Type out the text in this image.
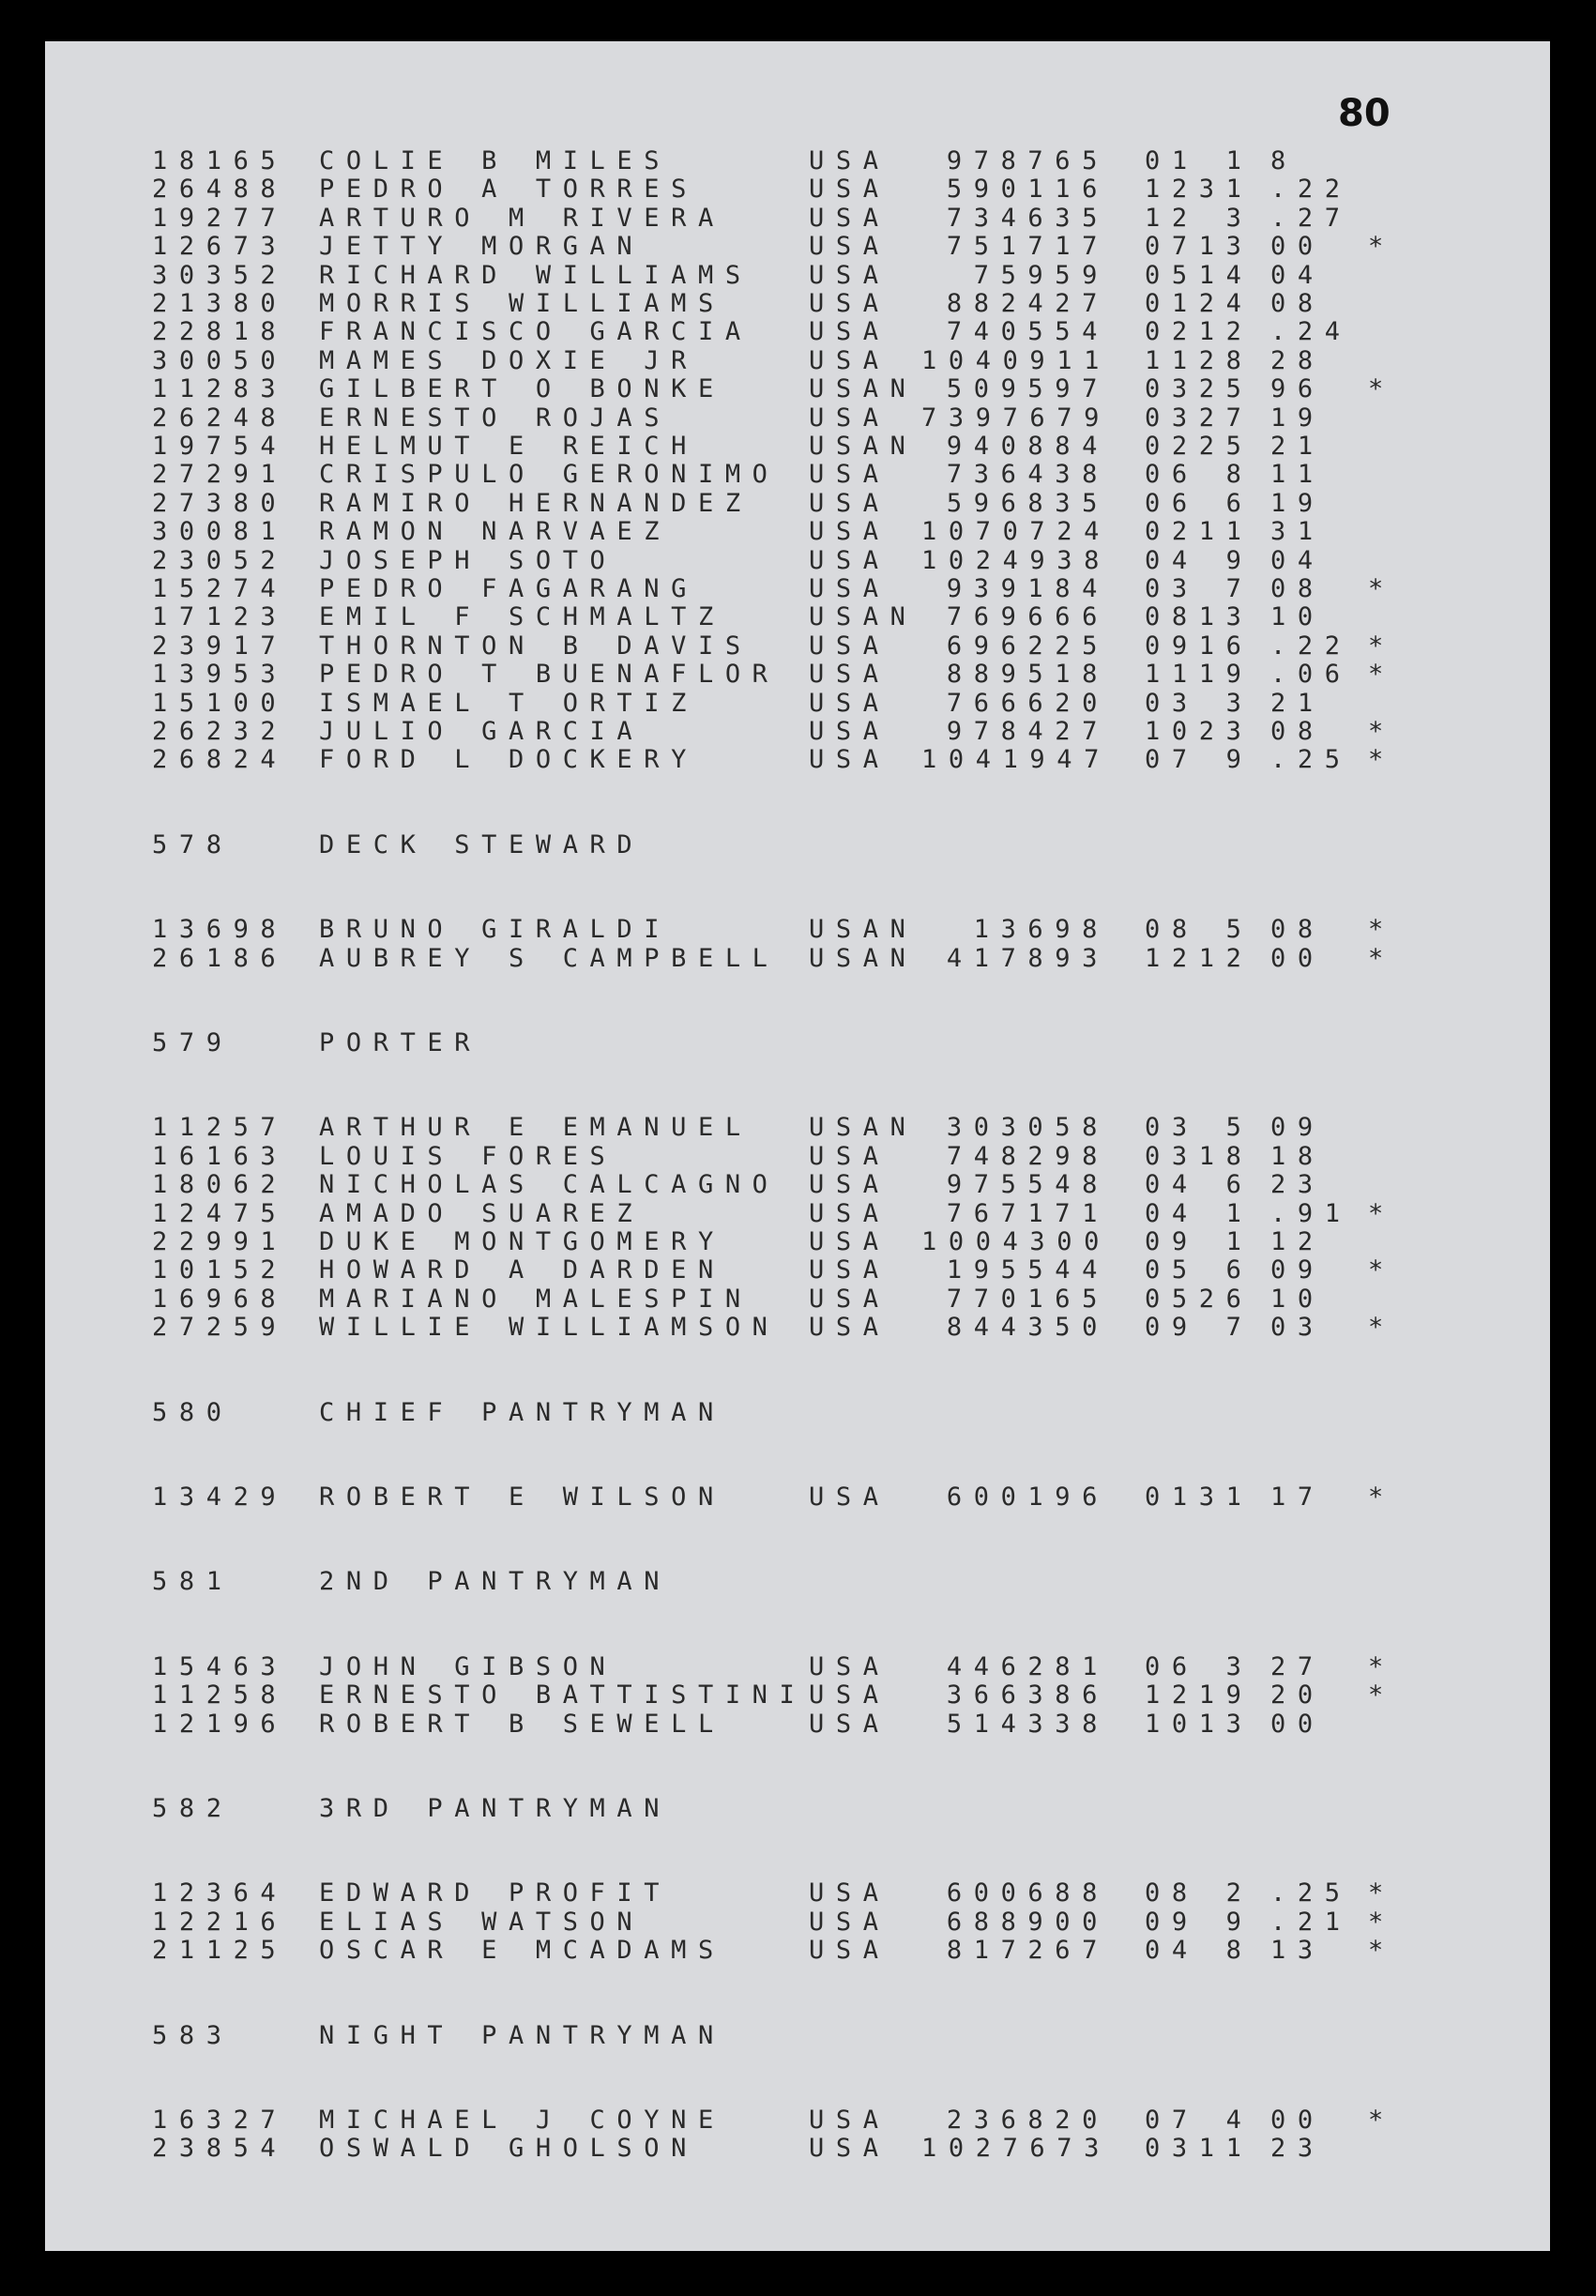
80
18165 COLIE B MILES	USA	978765 01 1 8
26488 PEDRO A TORRES	USA	590116 1231 .22
19277 ARTURO M RIVERA	USA	734635 12 3 .27
12673 JETTY MORGAN	USA	751717 0713 00 *
30352 RICHARD WILLIAMS USA	75959 0514 04
21380 MORRIS WILLIAMS	USA	882427 0124 08
22818 FRANCISCO GARCIA USA	740554 0212 .24
30050 MAMES DOXIE JR	USA 1040911 1128 28
11283 GILBERT O BONKE	USAN	509597 0325 96 *
26248 ERNESTO ROJAS	USA 7397679 0327 19
19754 HELMUT E REICH	USAN	940884 0225 21
27291 CRISPULO GERONIMO USA	736438 06 8 11
27380 RAMIRO HERNANDEZ USA	596835 06 6 19
30081 RAMON NARVAEZ	USA 1070724 0211 31
23052 JOSEPH SOTO	USA 1024938 04 9 04
15274 PEDRO FAGARANG	USA	939184 03 7 08 *
17123 EMIL F SCHMALTZ	USAN	769666 0813 10
23917 THORNTON B DAVIS USA	696225 0916 .22 *
13953 PEDRO T BUENAFLOR USA	889518 1119 .06 *
15100 ISMAEL T ORTIZ	USA	766620 03 3 21
26232 JULIO GARCIA	USA	978427 1023 08 *
26824 FORD L DOCKERY	USA 1041947 07 9 .25 *
578	DECK STEWARD
13698 BRUNO GIRALDI	USAN	13698 08 5 08 *
26186 AUBREY S CAMPBELL USAN	417893 1212 00 *
579	PORTER
11257 ARTHUR E EMANUEL USAN	303058 03 5 09
16163 LOUIS FORES	USA	748298 0318 18
18062 NICHOLAS CALCAGNO USA	975548 04 6 23
12475 AMADO SUAREZ	USA	767171 04 1 .91 *
22991 DUKE MONTGOMERY	USA 1004300 09 1 12
10152 HOWARD A DARDEN	USA	195544 05 6 09 *
16968 MARIANO MALESPIN USA	770165 0526 10
27259 WILLIE WILLIAMSON USA	844350 09 7 03 *
580	CHIEF PANTRYMAN
13429 ROBERT E WILSON	USA	600196 0131 17 *
581	2ND PANTRYMAN
15463 JOHN GIBSON	USA	446281 06 3 27 *
11258 ERNESTO BATTISTINI USA	366386 1219 20 *
12196 ROBERT B SEWELL	USA	514338 1013 00
582	3RD PANTRYMAN
12364 EDWARD PROFIT	USA	600688 08 2 .25 *
12216 ELIAS WATSON	USA	688900 09 9 .21 *
21125 OSCAR E MCADAMS	USA	817267 04 8 13 *
583	NIGHT PANTRYMAN
16327 MICHAEL J COYNE	USA	236820 07 4 00 *
23854 OSWALD GHOLSON	USA 1027673 0311 23
